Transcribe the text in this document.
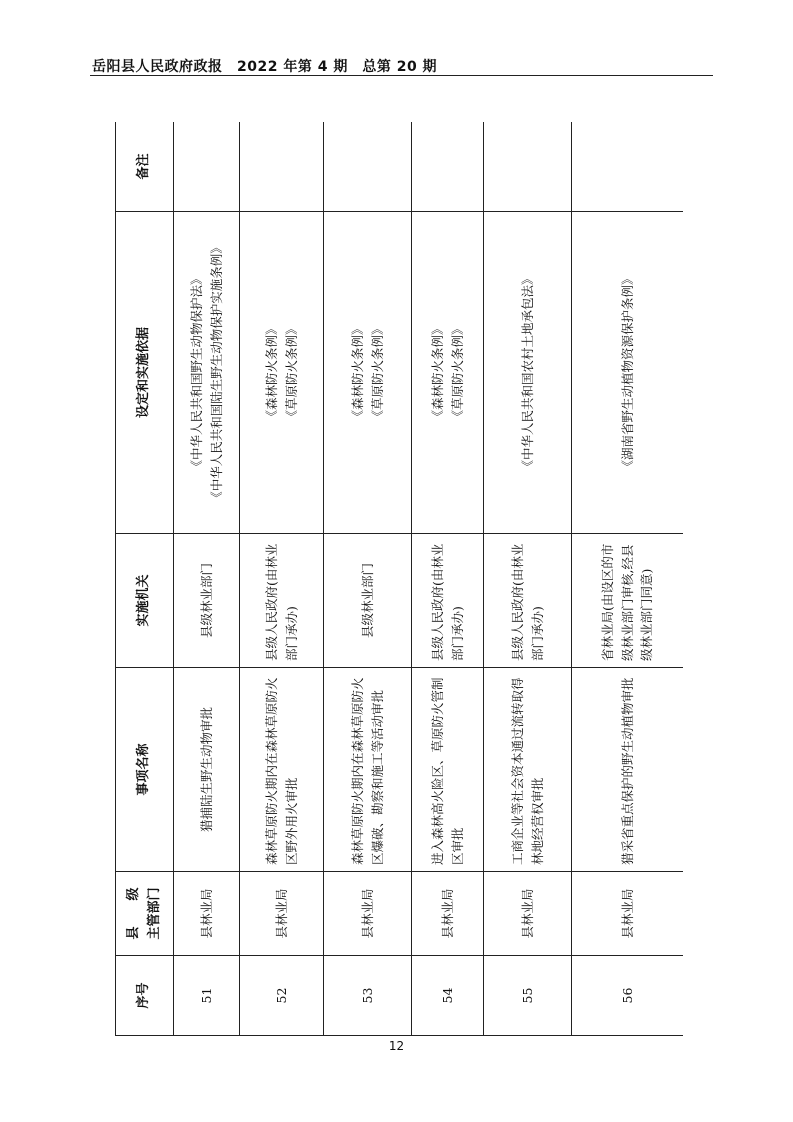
岳阳县人民政府政报　2022 年第 4 期　总第 20 期
序号	县　　级 主管部门	事项名称	实施机关	设定和实施依据	备注
51	县林业局	猎捕陆生野生动物审批	县级林业部门	《中华人民共和国野生动物保护法》 《中华人民共和国陆生野生动物保护实施条例》	

52	县林业局	森林草原防火期内在森林草原防火区野外用火审批	县级人民政府(由林业部门承办)	《森林防火条例》 《草原防火条例》	

53	县林业局	森林草原防火期内在森林草原防火区爆破、勘察和施工等活动审批	县级林业部门	《森林防火条例》 《草原防火条例》	

54	县林业局	进入森林高火险区、草原防火管制区审批	县级人民政府(由林业部门承办)	《森林防火条例》 《草原防火条例》	

55	县林业局	工商企业等社会资本通过流转取得林地经营权审批	县级人民政府(由林业部门承办)	《中华人民共和国农村土地承包法》	

56	县林业局	猎采省重点保护的野生动植物审批	省林业局(由设区的市级林业部门审核,经县级林业部门同意)	《湖南省野生动植物资源保护条例》	

12
